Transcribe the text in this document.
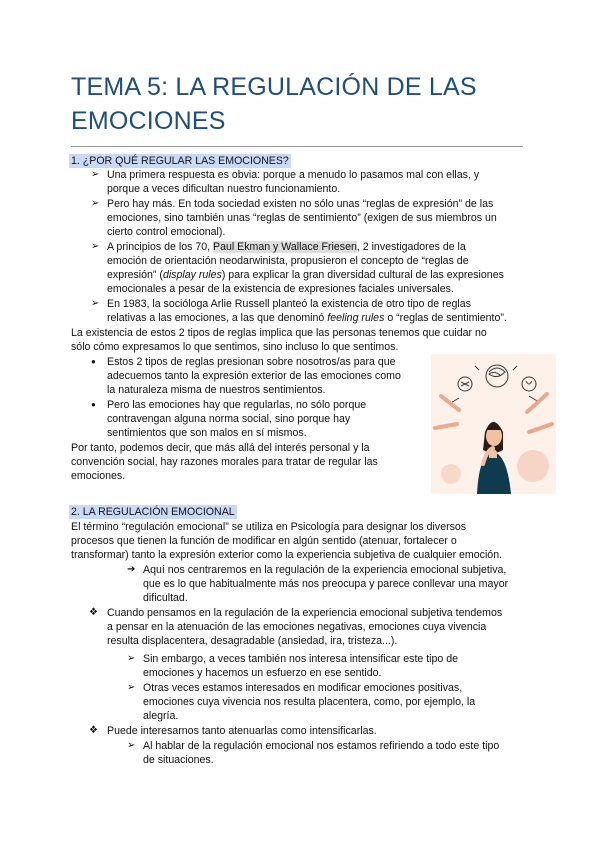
TEMA 5: LA REGULACIÓN DE LAS
EMOCIONES
1. ¿POR QUÉ REGULAR LAS EMOCIONES?
➢ Una primera respuesta es obvia: porque a menudo lo pasamos mal con ellas, y
porque a veces dificultan nuestro funcionamiento.
➢ Pero hay más. En toda sociedad existen no sólo unas “reglas de expresión” de las
emociones, sino también unas “reglas de sentimiento” (exigen de sus miembros un
cierto control emocional).
➢ A principios de los 70, Paul Ekman y Wallace Friesen, 2 investigadores de la
emoción de orientación neodarwinista, propusieron el concepto de “reglas de
expresión” (display rules) para explicar la gran diversidad cultural de las expresiones
emocionales a pesar de la existencia de expresiones faciales universales.
➢ En 1983, la socióloga Arlie Russell planteó la existencia de otro tipo de reglas
relativas a las emociones, a las que denominó feeling rules o “reglas de sentimiento”.
La existencia de estos 2 tipos de reglas implica que las personas tenemos que cuidar no
sólo cómo expresamos lo que sentimos, sino incluso lo que sentimos.
● Estos 2 tipos de reglas presionan sobre nosotros/as para que
adecuemos tanto la expresión exterior de las emociones como
la naturaleza misma de nuestros sentimientos.
● Pero las emociones hay que regularlas, no sólo porque
contravengan alguna norma social, sino porque hay
sentimientos que son malos en sí mismos.
Por tanto, podemos decir, que más allá del interés personal y la
convención social, hay razones morales para tratar de regular las
emociones.
2. LA REGULACIÓN EMOCIONAL
El término “regulación emocional” se utiliza en Psicología para designar los diversos
procesos que tienen la función de modificar en algún sentido (atenuar, fortalecer o
transformar) tanto la expresión exterior como la experiencia subjetiva de cualquier emoción.
➔ Aquí nos centraremos en la regulación de la experiencia emocional subjetiva,
que es lo que habitualmente más nos preocupa y parece conllevar una mayor
dificultad.
❖ Cuando pensamos en la regulación de la experiencia emocional subjetiva tendemos
a pensar en la atenuación de las emociones negativas, emociones cuya vivencia
resulta displacentera, desagradable (ansiedad, ira, tristeza...).
➢ Sin embargo, a veces también nos interesa intensificar este tipo de
emociones y hacemos un esfuerzo en ese sentido.
➢ Otras veces estamos interesados en modificar emociones positivas,
emociones cuya vivencia nos resulta placentera, como, por ejemplo, la
alegría.
❖ Puede interesarnos tanto atenuarlas como intensificarlas.
➢ Al hablar de la regulación emocional nos estamos refiriendo a todo este tipo
de situaciones.
